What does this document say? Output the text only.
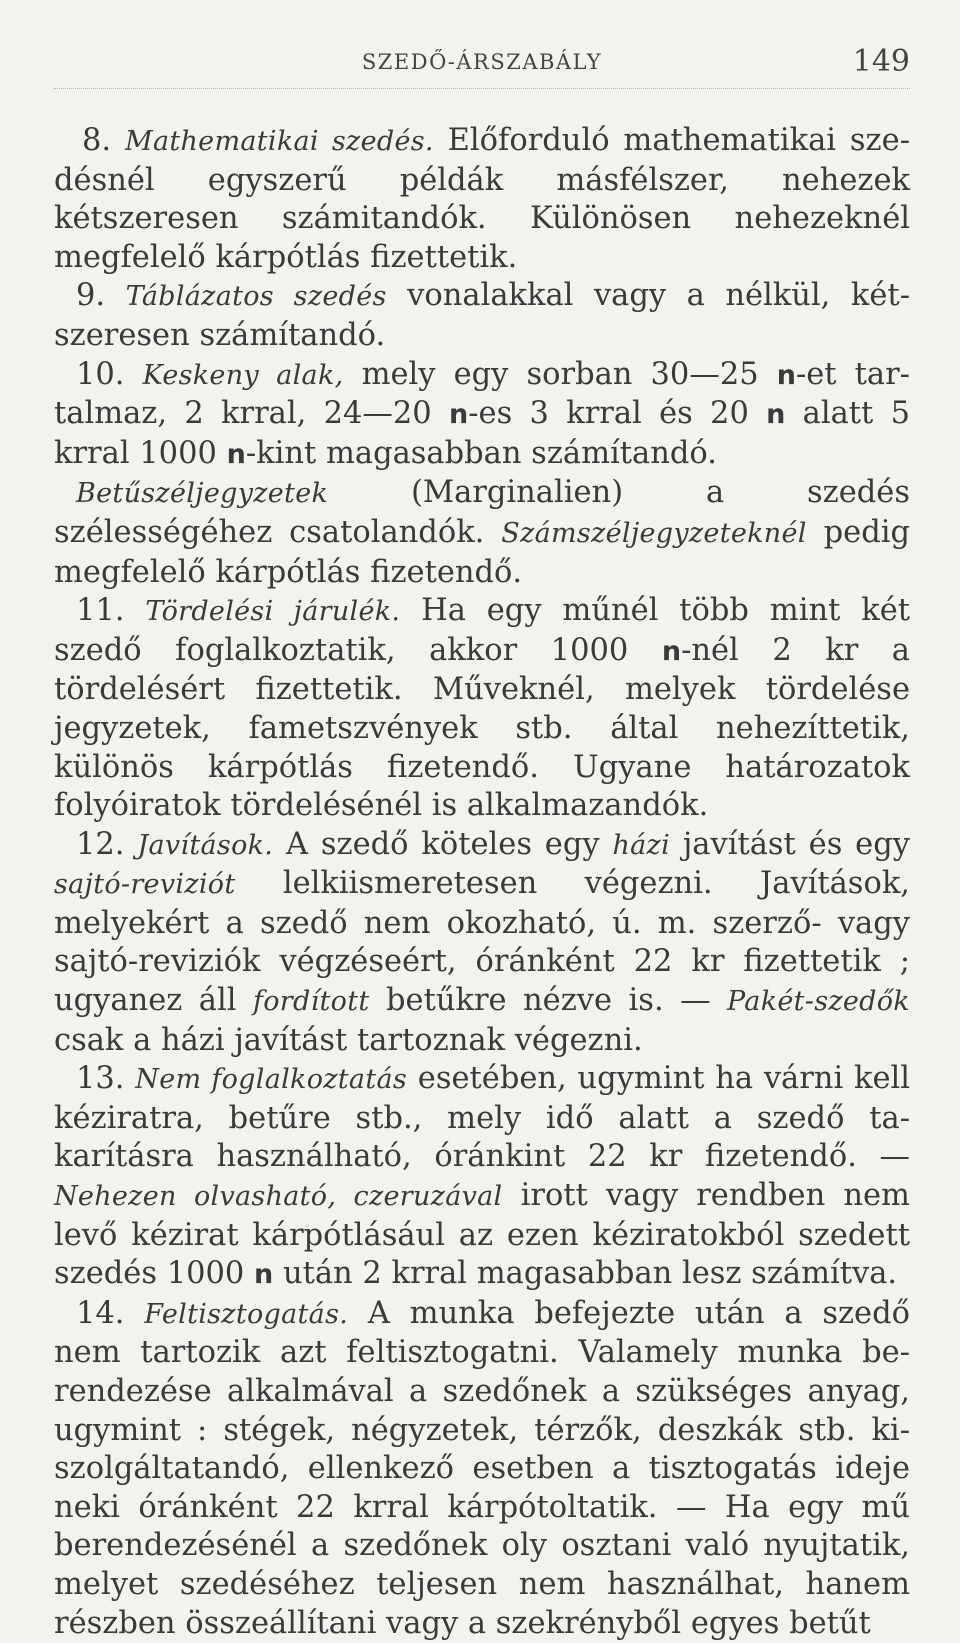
SZEDŐ-ÁRSZABÁLY	149

8. Mathematikai szedés. Előforduló mathematikai szedésnél egyszerű példák másfélszer, nehezek kétszeresen számitandók. Különösen nehezeknél megfelelő kárpótlás fizettetik.

9. Táblázatos szedés vonalakkal vagy a nélkül, kétszeresen számítandó.

10. Keskeny alak, mely egy sorban 30—25 n-et tartalmaz, 2 krral, 24—20 n-es 3 krral és 20 n alatt 5 krral 1000 n-kint magasabban számítandó.

Betűszéljegyzetek (Marginalien) a szedés szélességéhez csatolandók. Számszéljegyzeteknél pedig megfelelő kárpótlás fizetendő.

11. Tördelési járulék. Ha egy műnél több mint két szedő foglalkoztatik, akkor 1000 n-nél 2 kr a tördelésért fizettetik. Műveknél, melyek tördelése jegyzetek, fametszvények stb. által nehezíttetik, különös kárpótlás fizetendő. Ugyane határozatok folyóiratok tördelésénél is alkalmazandók.

12. Javítások. A szedő köteles egy házi javítást és egy sajtó-reviziót lelkiismeretesen végezni. Javítások, melyekért a szedő nem okozható, ú. m. szerző- vagy sajtó-reviziók végzéseért, óránként 22 kr fizettetik ; ugyanez áll fordított betűkre nézve is. — Pakét-szedők csak a házi javítást tartoznak végezni.

13. Nem foglalkoztatás esetében, ugymint ha várni kell kéziratra, betűre stb., mely idő alatt a szedő takarításra használható, óránkint 22 kr fizetendő. — Nehezen olvasható, czeruzával irott vagy rendben nem levő kézirat kárpótlásául az ezen kéziratokból szedett szedés 1000 n után 2 krral magasabban lesz számítva.

14. Feltisztogatás. A munka befejezte után a szedő nem tartozik azt feltisztogatni. Valamely munka berendezése alkalmával a szedőnek a szükséges anyag, ugymint : stégek, négyzetek, térzők, deszkák stb. kiszolgáltatandó, ellenkező esetben a tisztogatás ideje neki óránként 22 krral kárpótoltatik. — Ha egy mű berendezésénél a szedőnek oly osztani való nyujtatik, melyet szedéséhez teljesen nem használhat, hanem részben összeállítani vagy a szekrényből egyes betűt
